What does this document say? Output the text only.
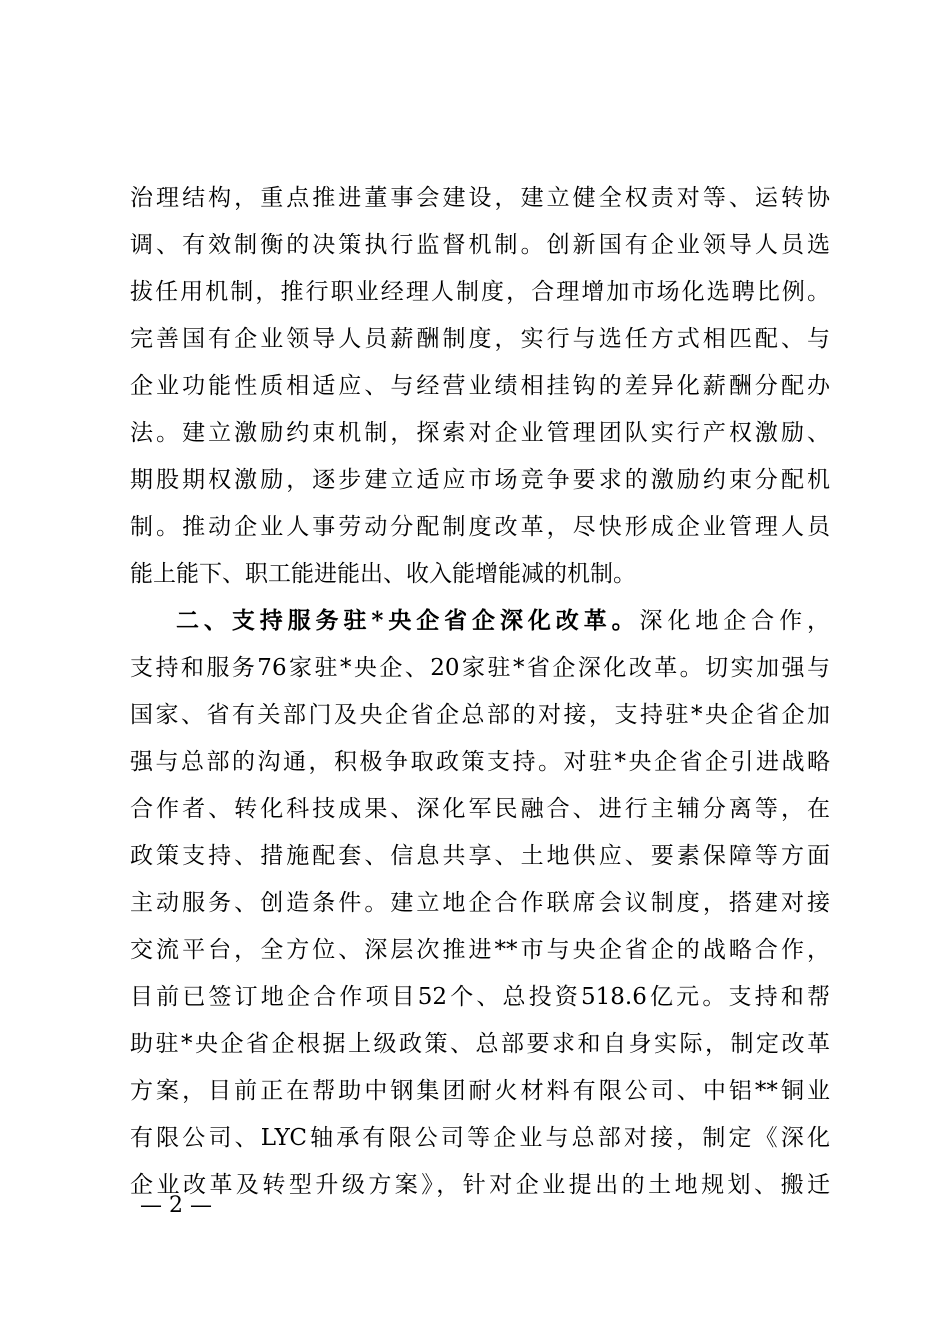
治理结构，重点推进董事会建设，建立健全权责对等、运转协
调、有效制衡的决策执行监督机制。创新国有企业领导人员选
拔任用机制，推行职业经理人制度，合理增加市场化选聘比例。
完善国有企业领导人员薪酬制度，实行与选任方式相匹配、与
企业功能性质相适应、与经营业绩相挂钩的差异化薪酬分配办
法。建立激励约束机制，探索对企业管理团队实行产权激励、
期股期权激励，逐步建立适应市场竞争要求的激励约束分配机
制。推动企业人事劳动分配制度改革，尽快形成企业管理人员
能上能下、职工能进能出、收入能增能减的机制。
二、支持服务驻*央企省企深化改革。深化地企合作，
支持和服务76家驻*央企、20家驻*省企深化改革。切实加强与
国家、省有关部门及央企省企总部的对接，支持驻*央企省企加
强与总部的沟通，积极争取政策支持。对驻*央企省企引进战略
合作者、转化科技成果、深化军民融合、进行主辅分离等，在
政策支持、措施配套、信息共享、土地供应、要素保障等方面
主动服务、创造条件。建立地企合作联席会议制度，搭建对接
交流平台，全方位、深层次推进**市与央企省企的战略合作，
目前已签订地企合作项目52个、总投资518.6亿元。支持和帮
助驻*央企省企根据上级政策、总部要求和自身实际，制定改革
方案，目前正在帮助中钢集团耐火材料有限公司、中铝**铜业
有限公司、LYC轴承有限公司等企业与总部对接，制定《深化
企业改革及转型升级方案》，针对企业提出的土地规划、搬迁
— 2 —
